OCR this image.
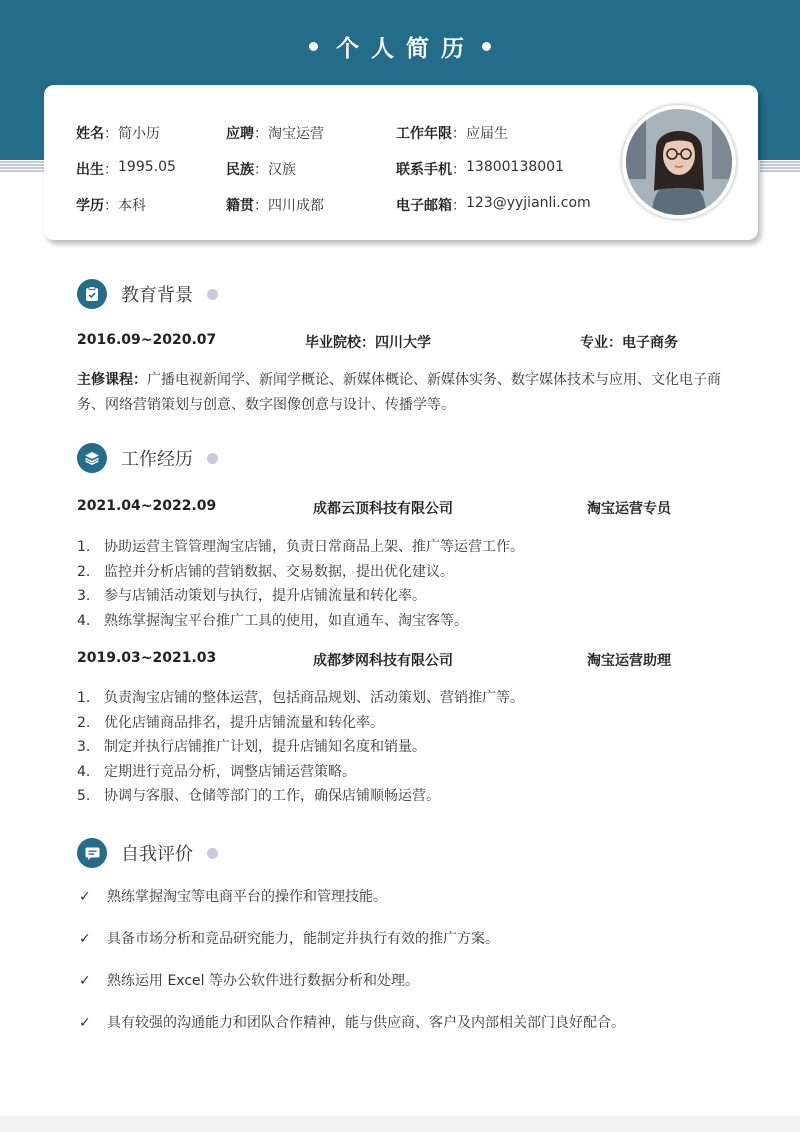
个人简历
姓名 ： 简小历	应聘 ： 淘宝运营	工作年限 ： 应届生
出生 ： 1995.05	民族 ： 汉族	联系手机 ： 13800138001
学历 ： 本科	籍贯 ： 四川成都	电子邮箱 ： 123@yyjianli.com
教育背景
2016.09~2020.07	毕业院校：四川大学	专业：电子商务
主修课程：广播电视新闻学、新闻学概论、新媒体概论、新媒体实务、数字媒体技术与应用、文化电子商务、网络营销策划与创意、数字图像创意与设计、传播学等。
工作经历
2021.04~2022.09	成都云顶科技有限公司	淘宝运营专员
1. 协助运营主管管理淘宝店铺，负责日常商品上架、推广等运营工作。
2. 监控并分析店铺的营销数据、交易数据，提出优化建议。
3. 参与店铺活动策划与执行，提升店铺流量和转化率。
4. 熟练掌握淘宝平台推广工具的使用，如直通车、淘宝客等。
2019.03~2021.03	成都梦网科技有限公司	淘宝运营助理
1. 负责淘宝店铺的整体运营，包括商品规划、活动策划、营销推广等。
2. 优化店铺商品排名，提升店铺流量和转化率。
3. 制定并执行店铺推广计划，提升店铺知名度和销量。
4. 定期进行竞品分析，调整店铺运营策略。
5. 协调与客服、仓储等部门的工作，确保店铺顺畅运营。
自我评价
✓	熟练掌握淘宝等电商平台的操作和管理技能。
✓	具备市场分析和竞品研究能力，能制定并执行有效的推广方案。
✓	熟练运用 Excel 等办公软件进行数据分析和处理。
✓	具有较强的沟通能力和团队合作精神，能与供应商、客户及内部相关部门良好配合。
